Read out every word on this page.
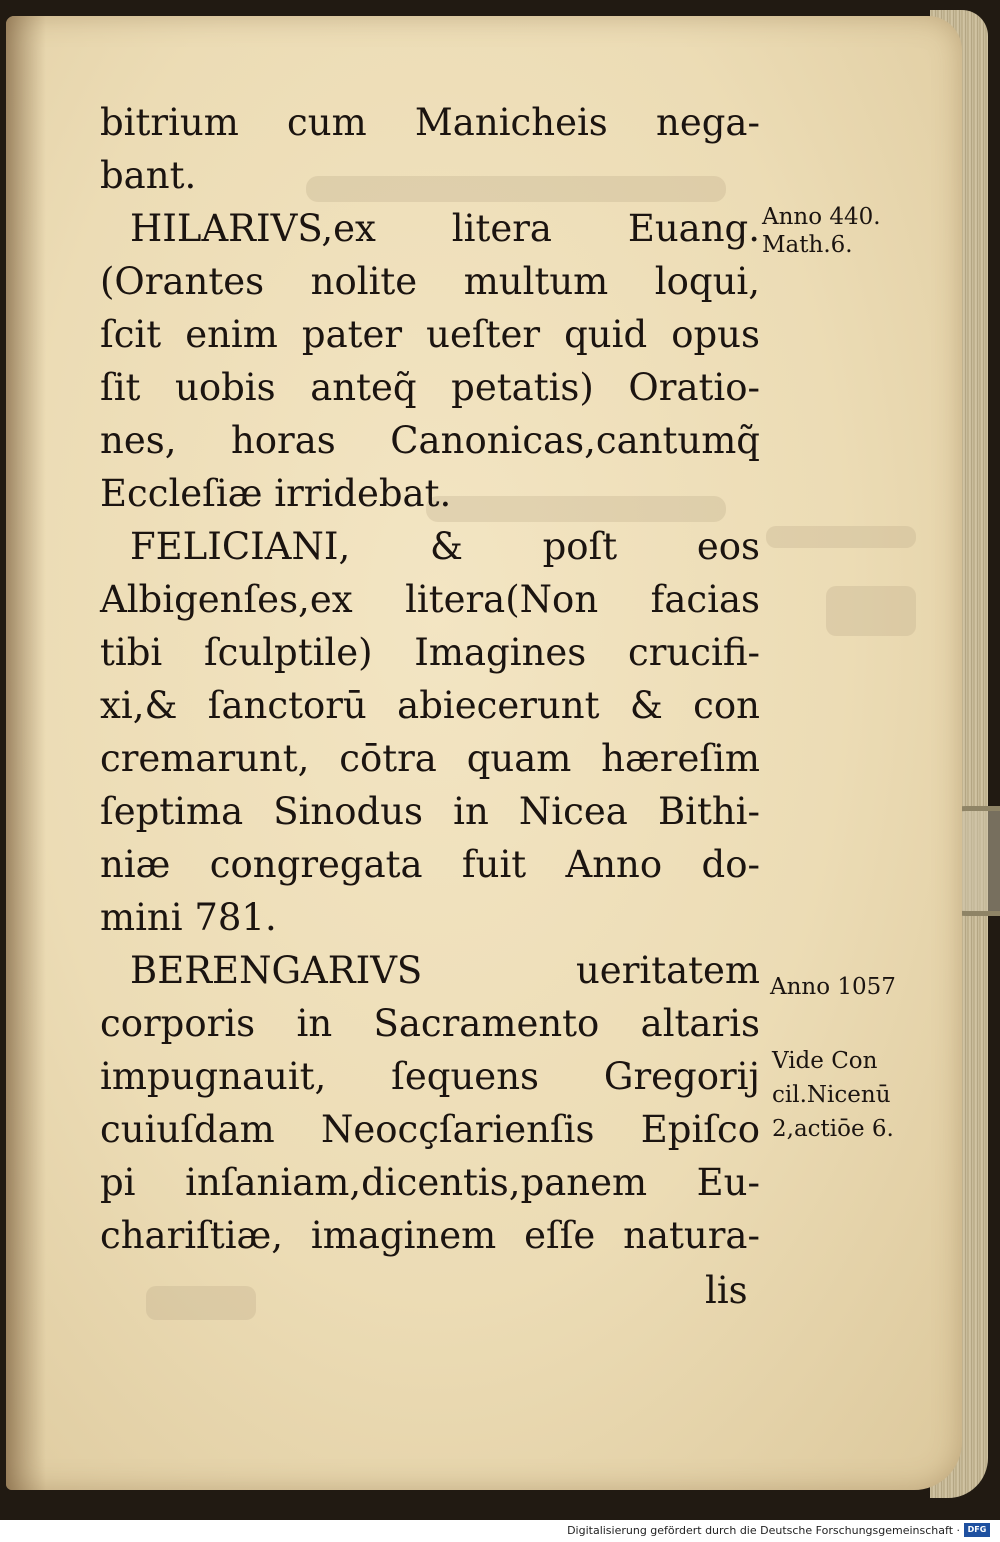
bitrium cum Manicheis nega-
bant.
HILARIVS,ex litera Euang.
(Orantes nolite multum loqui,
ſcit enim pater ueſter quid opus
ſit uobis anteq̃ petatis) Oratio-
nes, horas Canonicas,cantumq̃
Eccleſiæ irridebat.
FELICIANI, & poſt eos
Albigenſes,ex litera(Non facias
tibi ſculptile) Imagines crucifi-
xi,& ſanctorū abiecerunt & con
cremarunt, cōtra quam hæreſim
ſeptima Sinodus in Nicea Bithi-
niæ congregata fuit Anno do-
mini 781.
BERENGARIVS ueritatem
corporis in Sacramento altaris
impugnauit, ſequens Gregorij
cuiuſdam Neocçſarienſis Epiſco
pi inſaniam,dicentis,panem Eu-
chariſtiæ, imaginem eſſe natura-
lis
Anno 440.
Math.6.
Anno 1057
Vide Con
cil.Nicenū
2,actiōe 6.
Digitalisierung gefördert durch die Deutsche Forschungsgemeinschaft · DFG
